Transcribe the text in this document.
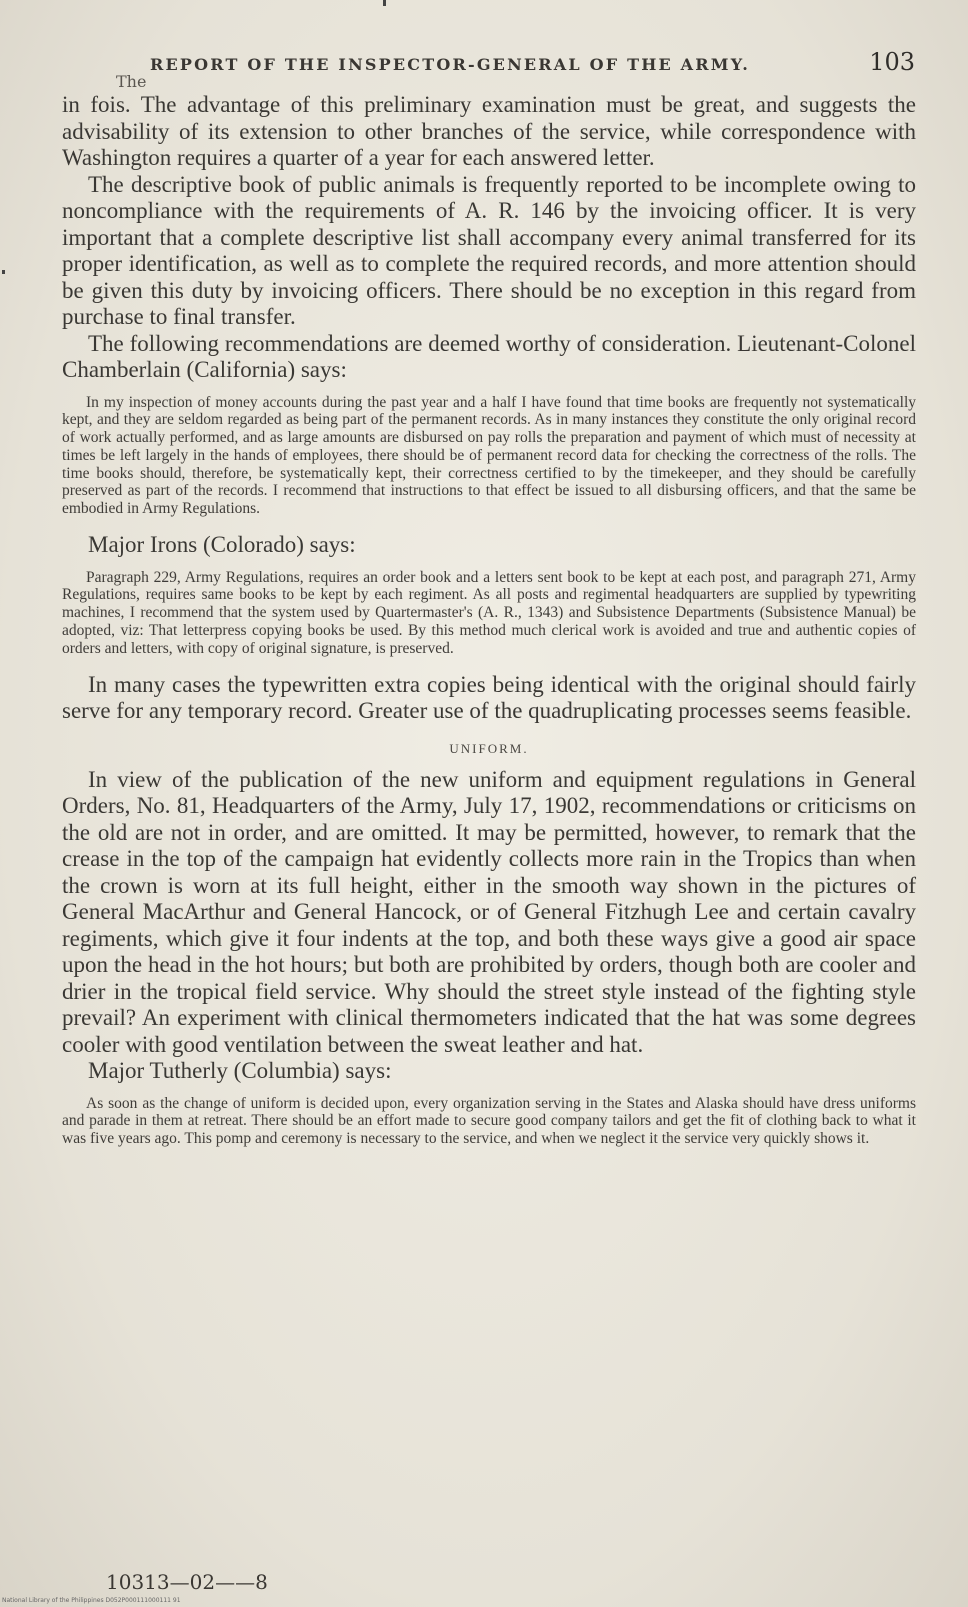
REPORT OF THE INSPECTOR-GENERAL OF THE ARMY.	103
The

in fois. The advantage of this preliminary examination must be great, and suggests the advisability of its extension to other branches of the service, while correspondence with Washington requires a quarter of a year for each answered letter.

The descriptive book of public animals is frequently reported to be incomplete owing to noncompliance with the requirements of A. R. 146 by the invoicing officer. It is very important that a complete descriptive list shall accompany every animal transferred for its proper identification, as well as to complete the required records, and more attention should be given this duty by invoicing officers. There should be no exception in this regard from purchase to final transfer.

The following recommendations are deemed worthy of consideration. Lieutenant-Colonel Chamberlain (California) says:

In my inspection of money accounts during the past year and a half I have found that time books are frequently not systematically kept, and they are seldom regarded as being part of the permanent records. As in many instances they constitute the only original record of work actually performed, and as large amounts are disbursed on pay rolls the preparation and payment of which must of necessity at times be left largely in the hands of employees, there should be of permanent record data for checking the correctness of the rolls. The time books should, therefore, be systematically kept, their correctness certified to by the timekeeper, and they should be carefully preserved as part of the records. I recommend that instructions to that effect be issued to all disbursing officers, and that the same be embodied in Army Regulations.

Major Irons (Colorado) says:

Paragraph 229, Army Regulations, requires an order book and a letters sent book to be kept at each post, and paragraph 271, Army Regulations, requires same books to be kept by each regiment. As all posts and regimental headquarters are supplied by typewriting machines, I recommend that the system used by Quartermaster's (A. R., 1343) and Subsistence Departments (Subsistence Manual) be adopted, viz: That letterpress copying books be used. By this method much clerical work is avoided and true and authentic copies of orders and letters, with copy of original signature, is preserved.

In many cases the typewritten extra copies being identical with the original should fairly serve for any temporary record. Greater use of the quadruplicating processes seems feasible.

UNIFORM.

In view of the publication of the new uniform and equipment regulations in General Orders, No. 81, Headquarters of the Army, July 17, 1902, recommendations or criticisms on the old are not in order, and are omitted. It may be permitted, however, to remark that the crease in the top of the campaign hat evidently collects more rain in the Tropics than when the crown is worn at its full height, either in the smooth way shown in the pictures of General MacArthur and General Hancock, or of General Fitzhugh Lee and certain cavalry regiments, which give it four indents at the top, and both these ways give a good air space upon the head in the hot hours; but both are prohibited by orders, though both are cooler and drier in the tropical field service. Why should the street style instead of the fighting style prevail? An experiment with clinical thermometers indicated that the hat was some degrees cooler with good ventilation between the sweat leather and hat.

Major Tutherly (Columbia) says:

As soon as the change of uniform is decided upon, every organization serving in the States and Alaska should have dress uniforms and parade in them at retreat. There should be an effort made to secure good company tailors and get the fit of clothing back to what it was five years ago. This pomp and ceremony is necessary to the service, and when we neglect it the service very quickly shows it.

10313—02——8
National Library of the Philippines D052P000111000111 91
